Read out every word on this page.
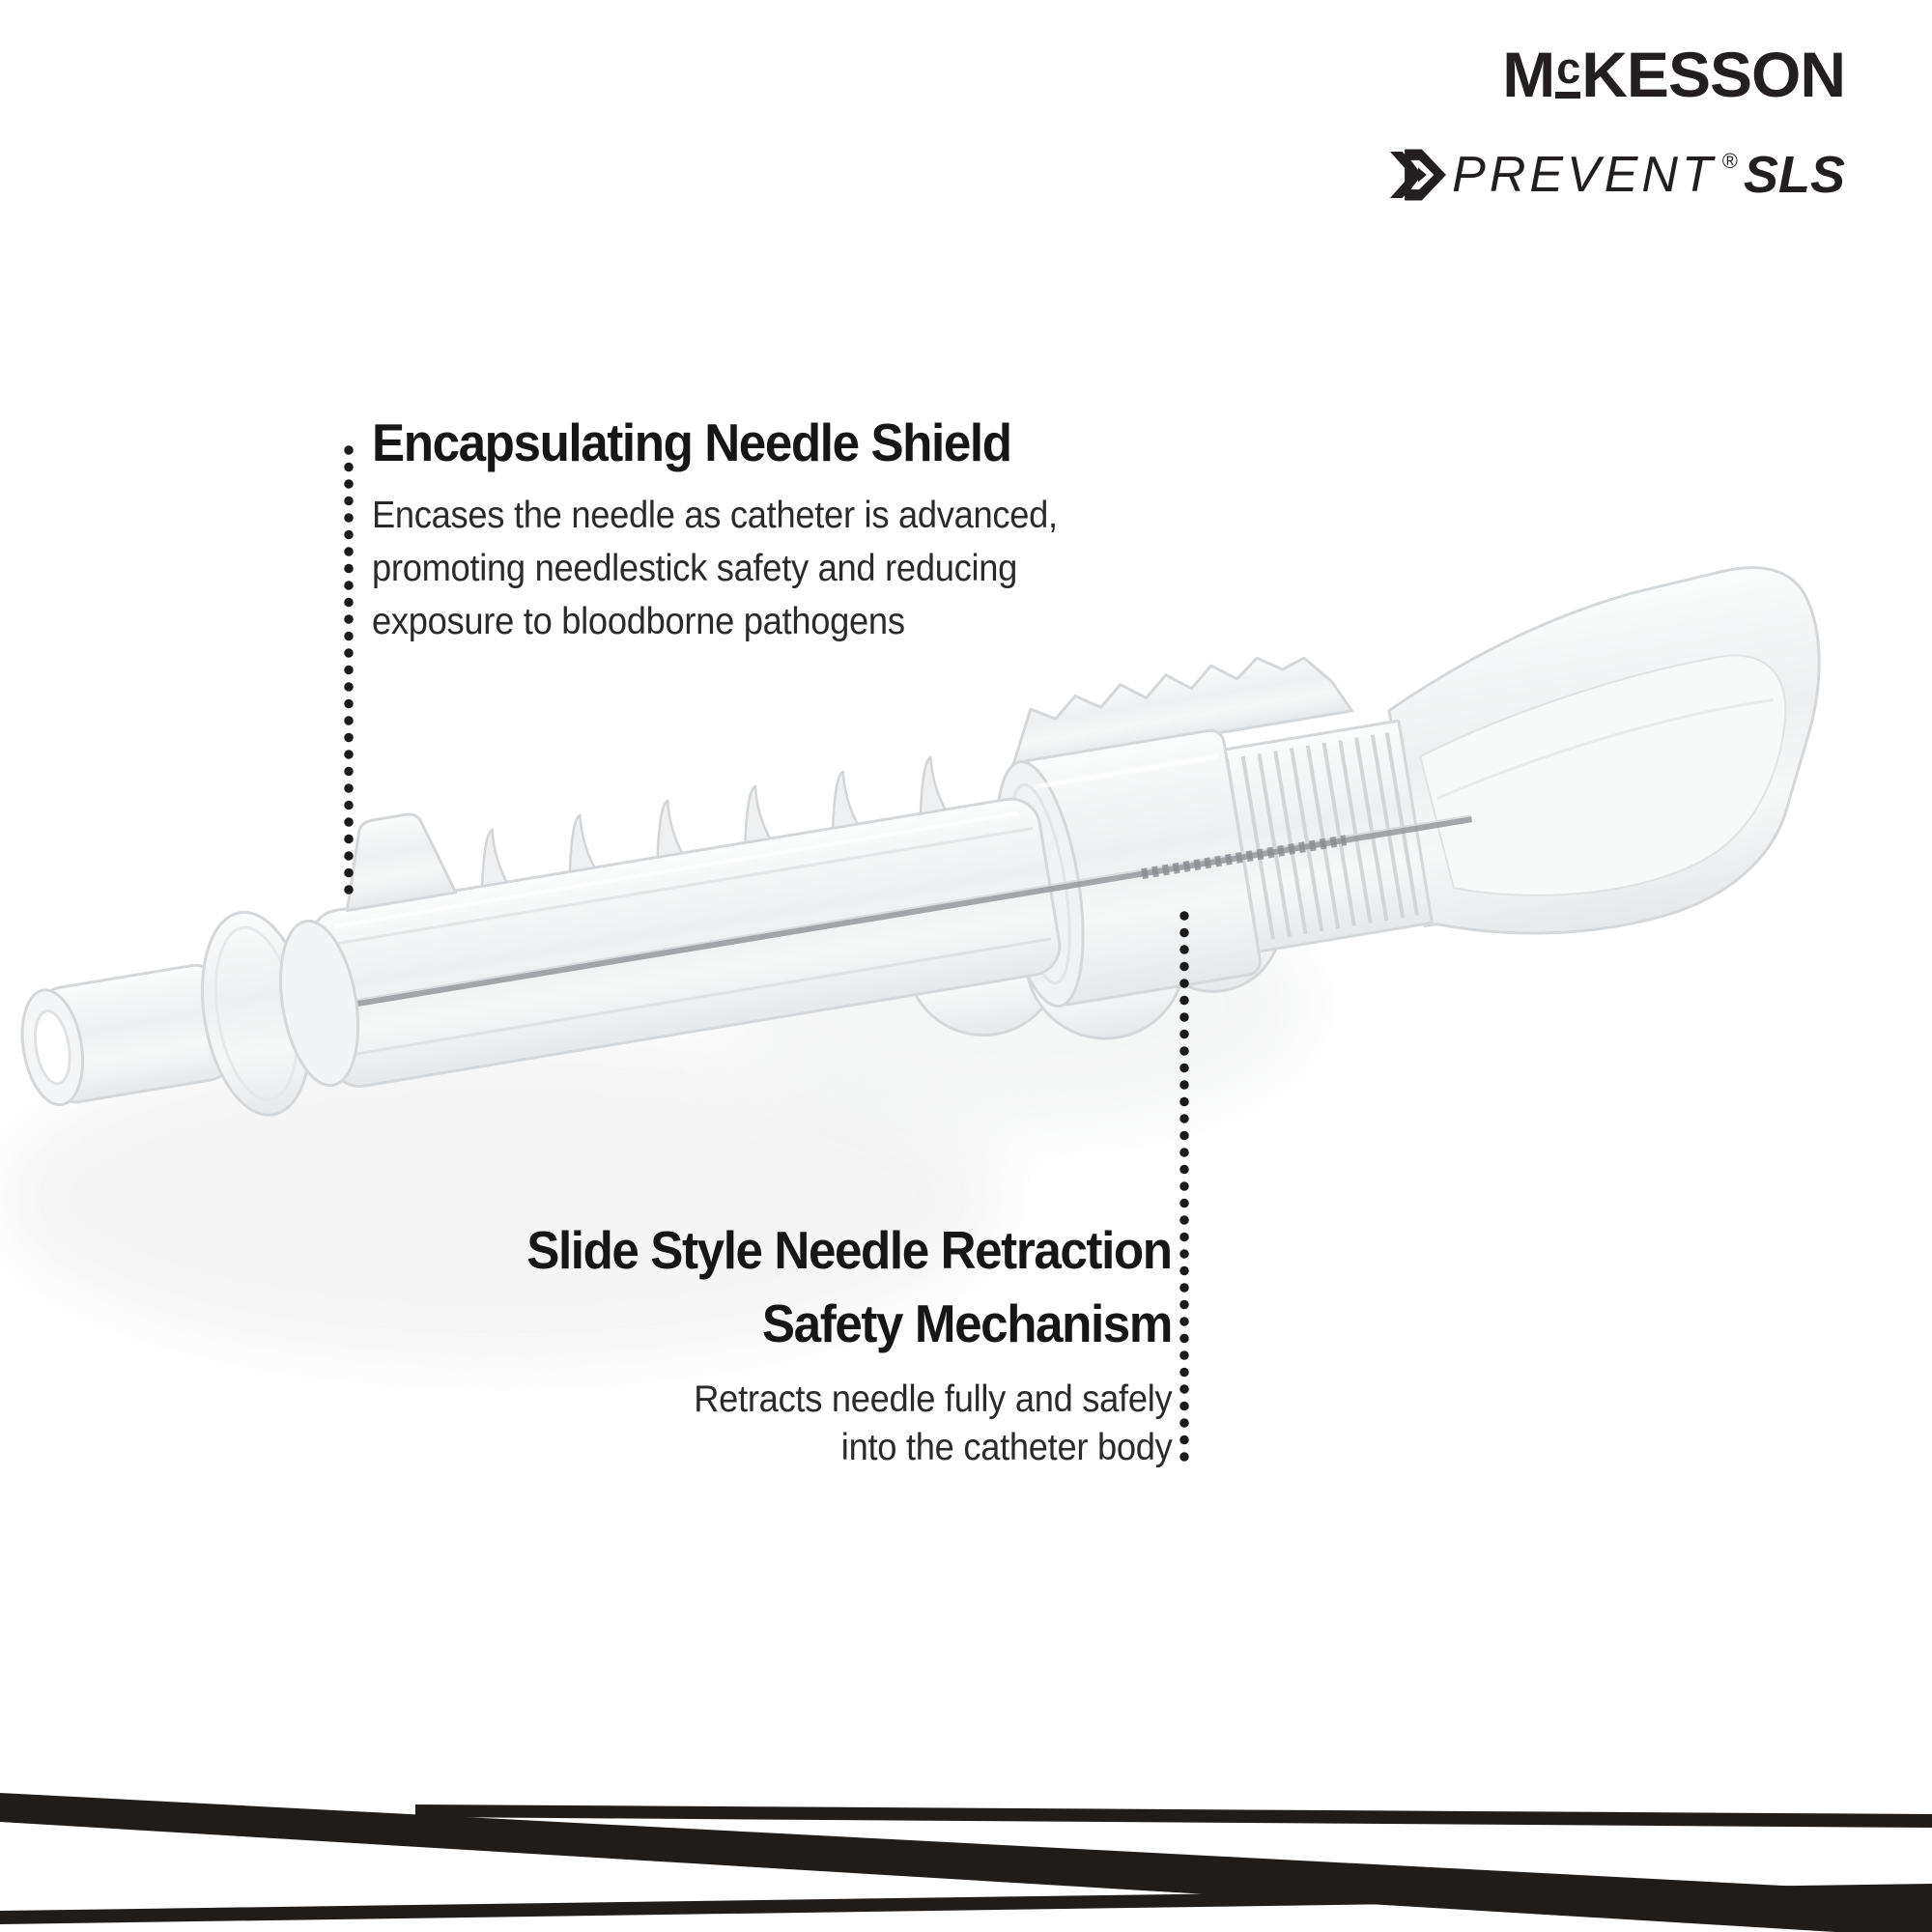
McKESSON
PREVENT ® SLS
Encapsulating Needle Shield
Encases the needle as catheter is advanced,
promoting needlestick safety and reducing
exposure to bloodborne pathogens
Slide Style Needle Retraction
Safety Mechanism
Retracts needle fully and safely
into the catheter body
